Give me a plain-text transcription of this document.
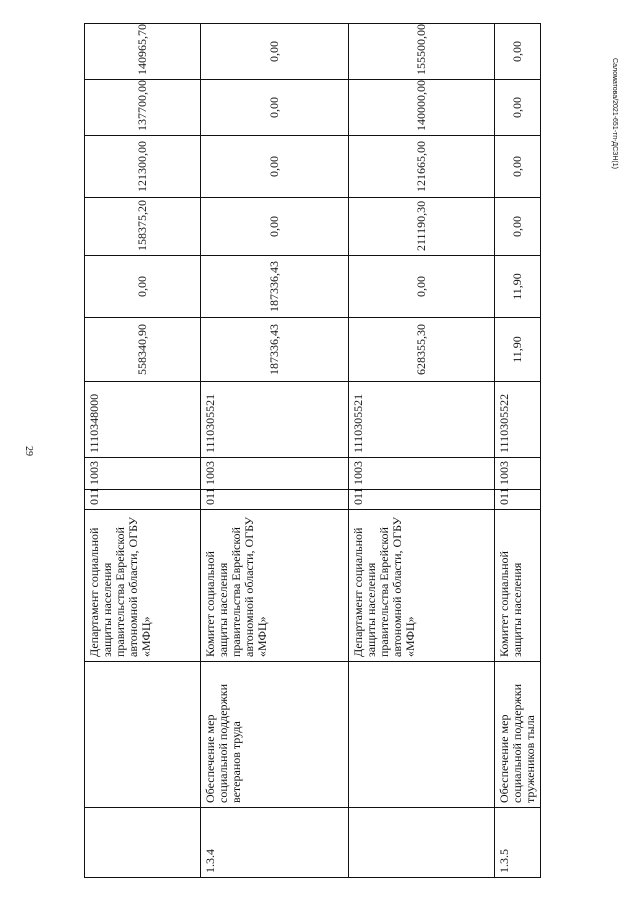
29
Саломатова/2021-651-тп-ДСЗН(1)
		Департамент социальной защиты населения правительства Еврейской автономной области, ОГБУ «МФЦ»	011	1003	1110348000	558340,90	0,00	158375,20	121300,00	137700,00	140965,70
1.3.4	Обеспечение мер социальной поддержки ветеранов труда	Комитет социальной защиты населения правительства Еврейской автономной области, ОГБУ «МФЦ»	011	1003	1110305521	187336,43	187336,43	0,00	0,00	0,00	0,00
		Департамент социальной защиты населения правительства Еврейской автономной области, ОГБУ «МФЦ»	011	1003	1110305521	628355,30	0,00	211190,30	121665,00	140000,00	155500,00
1.3.5	Обеспечение мер социальной поддержки тружеников тыла	Комитет социальной защиты населения	011	1003	1110305522	11,90	11,90	0,00	0,00	0,00	0,00
